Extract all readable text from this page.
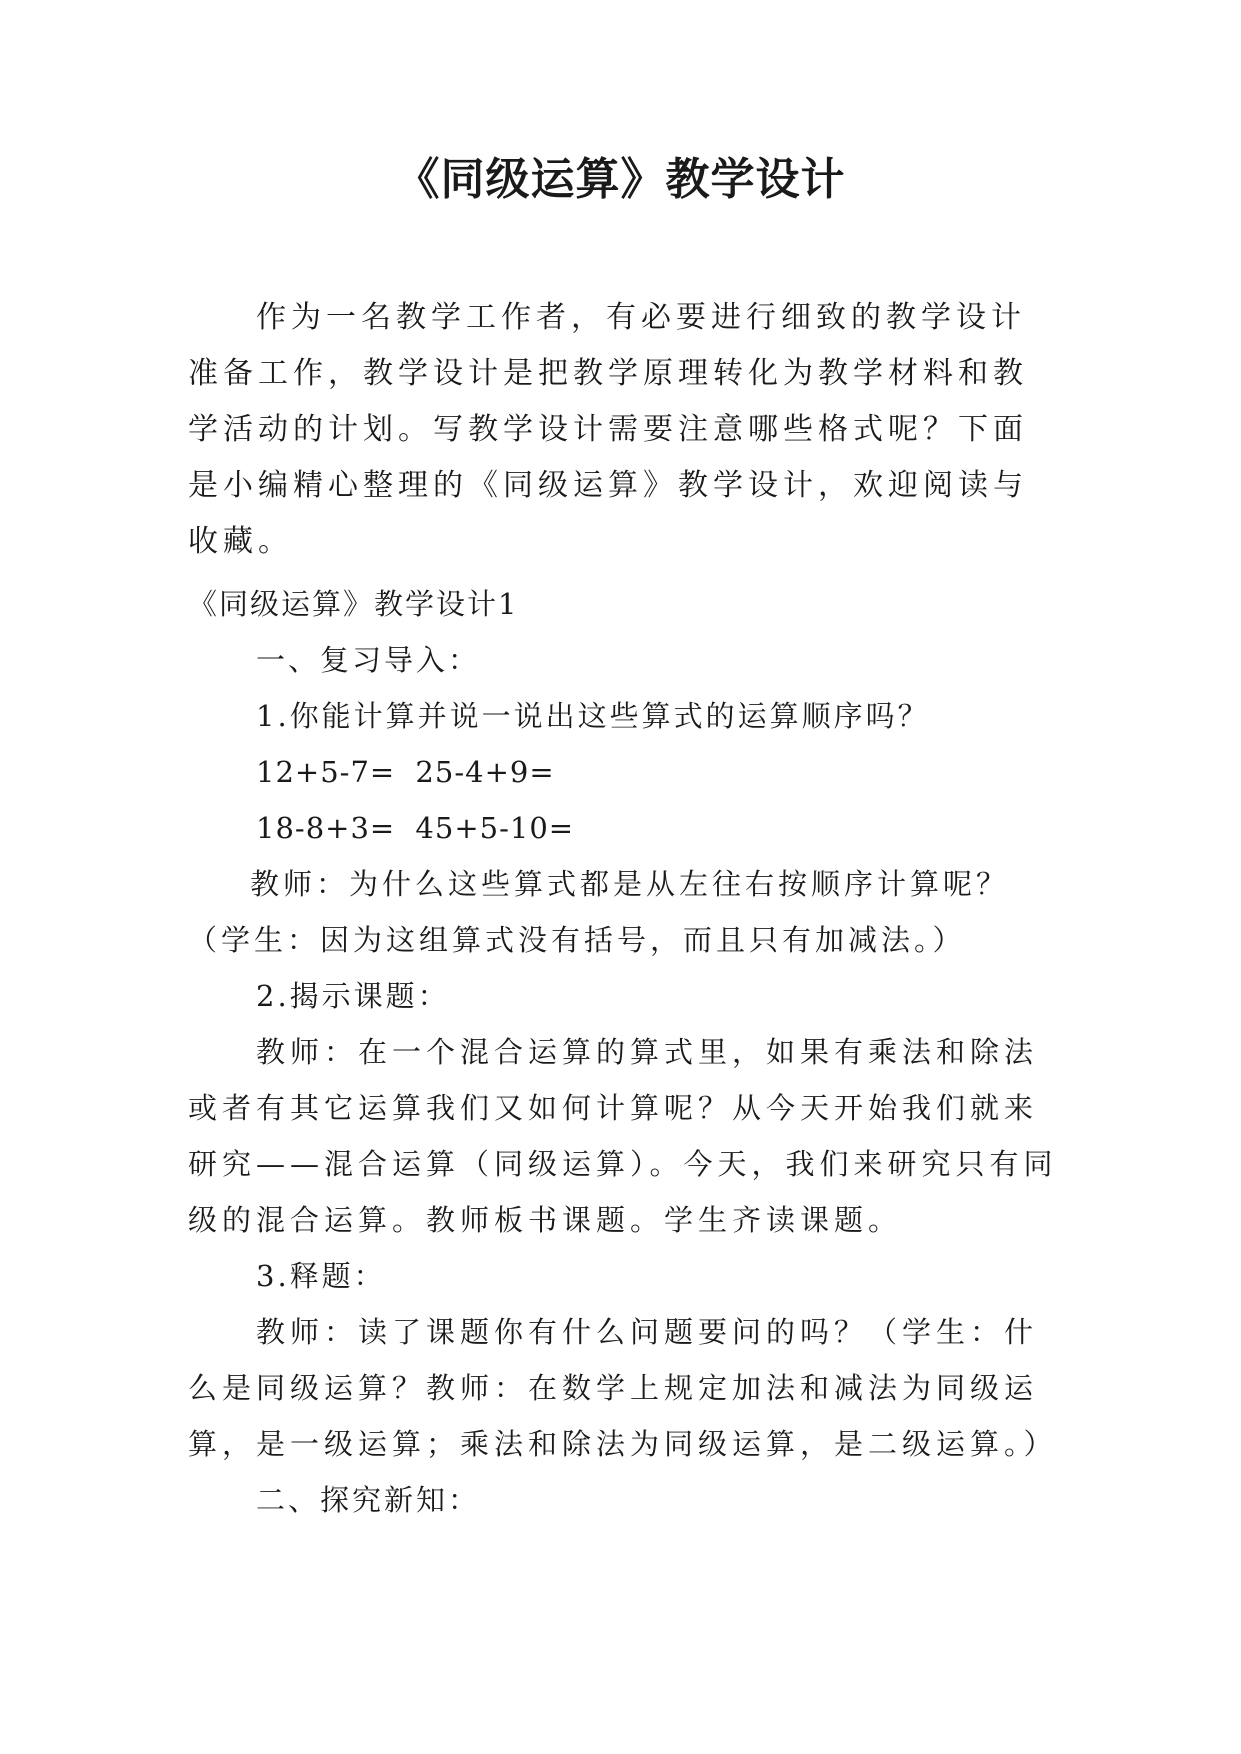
《同级运算》教学设计

作为一名教学工作者，有必要进行细致的教学设计准备工作，教学设计是把教学原理转化为教学材料和教学活动的计划。写教学设计需要注意哪些格式呢？下面是小编精心整理的《同级运算》教学设计，欢迎阅读与收藏。

《同级运算》教学设计1

一、复习导入：

1.你能计算并说一说出这些算式的运算顺序吗？

12+5-7= 25-4+9=

18-8+3= 45+5-10=

教师：为什么这些算式都是从左往右按顺序计算呢？（学生：因为这组算式没有括号，而且只有加减法。）

2.揭示课题：

教师：在一个混合运算的算式里，如果有乘法和除法或者有其它运算我们又如何计算呢？从今天开始我们就来研究——混合运算（同级运算）。今天，我们来研究只有同级的混合运算。教师板书课题。学生齐读课题。

3.释题：

教师：读了课题你有什么问题要问的吗？（学生：什么是同级运算？教师：在数学上规定加法和减法为同级运算，是一级运算；乘法和除法为同级运算，是二级运算。）

二、探究新知：
